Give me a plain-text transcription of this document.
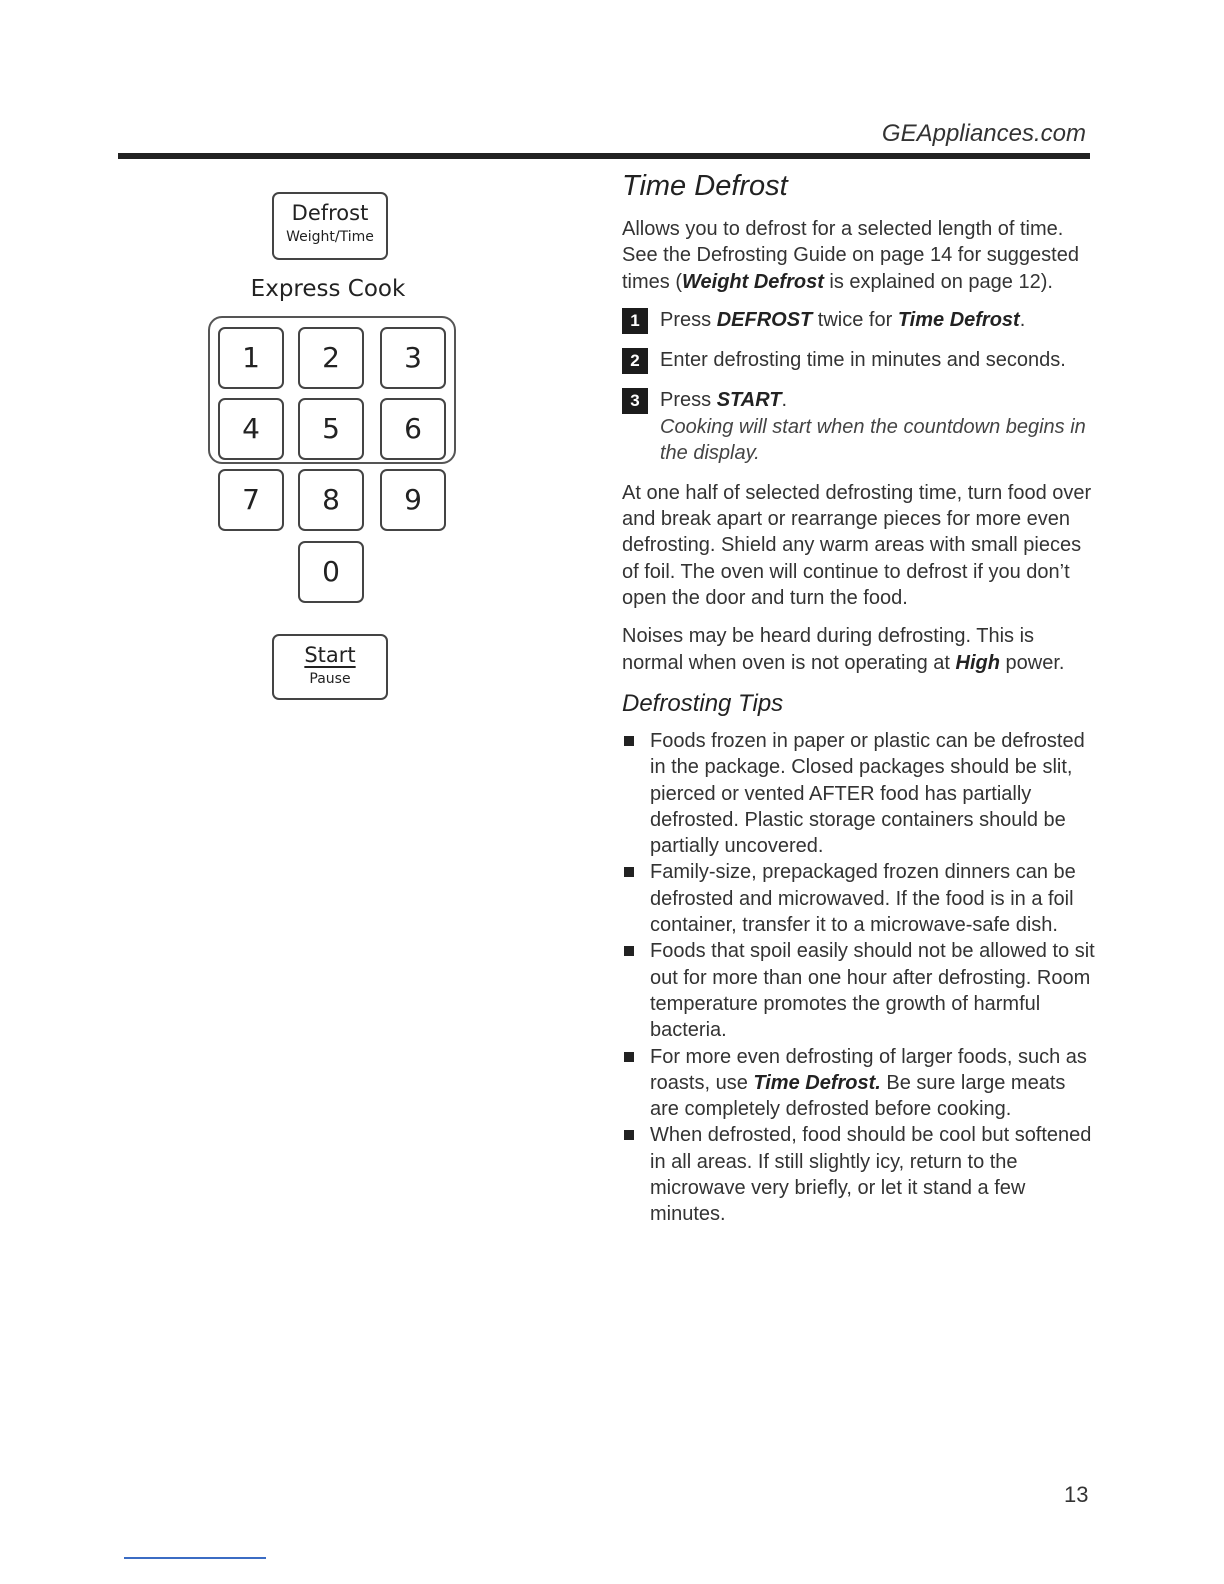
GEAppliances.com
Defrost
Weight/Time
Express Cook
1	2	3
4	5	6
7	8	9
0
Start
Pause
Time Defrost
Allows you to defrost for a selected length of time. See the Defrosting Guide on page 14 for suggested times (Weight Defrost is explained on page 12).
1	Press DEFROST twice for Time Defrost.
2	Enter defrosting time in minutes and seconds.
3	Press START.
Cooking will start when the countdown begins in the display.
At one half of selected defrosting time, turn food over and break apart or rearrange pieces for more even defrosting. Shield any warm areas with small pieces of foil. The oven will continue to defrost if you don’t open the door and turn the food.
Noises may be heard during defrosting. This is normal when oven is not operating at High power.
Defrosting Tips
Foods frozen in paper or plastic can be defrosted in the package. Closed packages should be slit, pierced or vented AFTER food has partially defrosted. Plastic storage containers should be partially uncovered.
Family-size, prepackaged frozen dinners can be defrosted and microwaved. If the food is in a foil container, transfer it to a microwave-safe dish.
Foods that spoil easily should not be allowed to sit out for more than one hour after defrosting. Room temperature promotes the growth of harmful bacteria.
For more even defrosting of larger foods, such as roasts, use Time Defrost. Be sure large meats are completely defrosted before cooking.
When defrosted, food should be cool but softened in all areas. If still slightly icy, return to the microwave very briefly, or let it stand a few minutes.
13
